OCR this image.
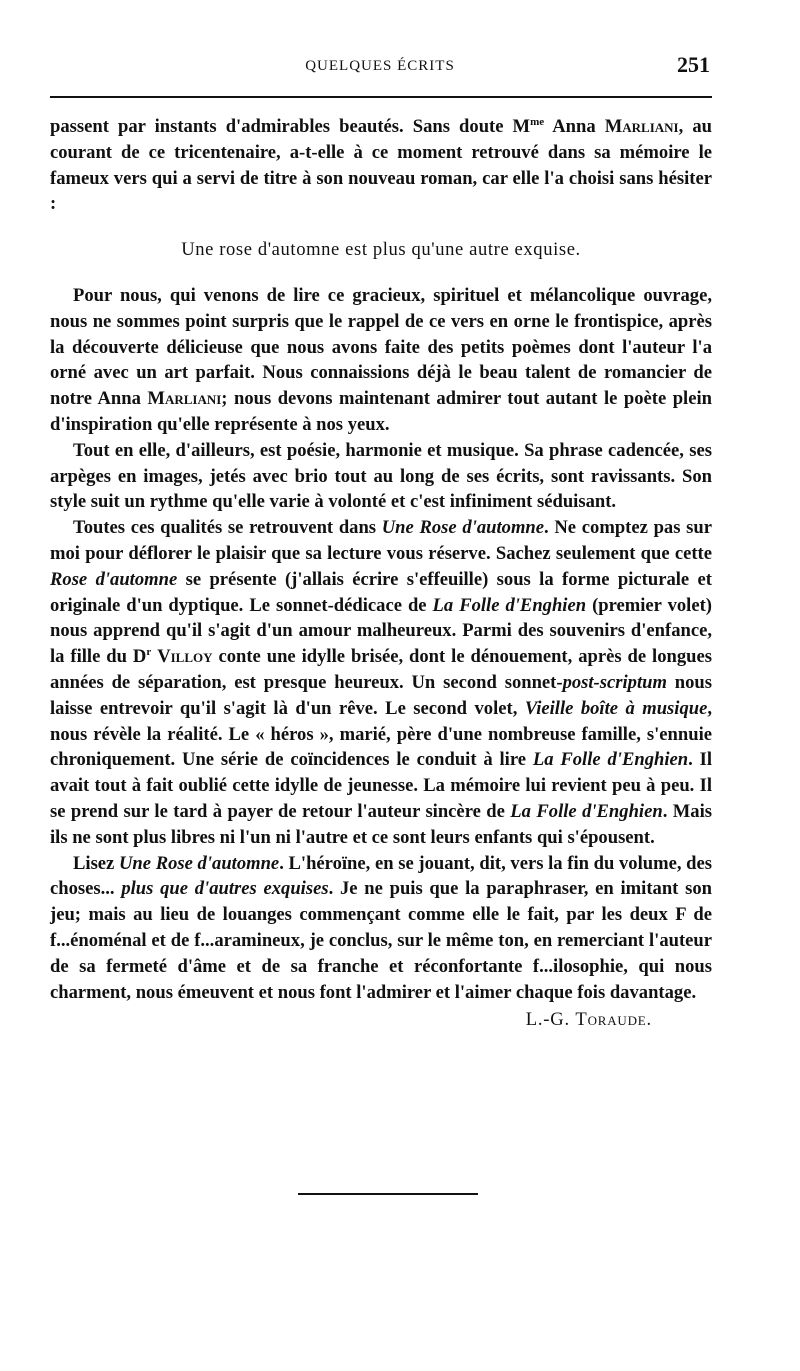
QUELQUES ÉCRITS	251

passent par instants d'admirables beautés. Sans doute $M^{me}$ Anna Marliani, au courant de ce tricentenaire, a-t-elle à ce moment retrouvé dans sa mémoire le fameux vers qui a servi de titre à son nouveau roman, car elle l'a choisi sans hésiter :

Une rose d'automne est plus qu'une autre exquise.

Pour nous, qui venons de lire ce gracieux, spirituel et mélancolique ouvrage, nous ne sommes point surpris que le rappel de ce vers en orne le frontispice, après la découverte délicieuse que nous avons faite des petits poèmes dont l'auteur l'a orné avec un art parfait. Nous connaissions déjà le beau talent de romancier de notre Anna Marliani; nous devons maintenant admirer tout autant le poète plein d'inspiration qu'elle représente à nos yeux.

Tout en elle, d'ailleurs, est poésie, harmonie et musique. Sa phrase cadencée, ses arpèges en images, jetés avec brio tout au long de ses écrits, sont ravissants. Son style suit un rythme qu'elle varie à volonté et c'est infiniment séduisant.

Toutes ces qualités se retrouvent dans Une Rose d'automne. Ne comptez pas sur moi pour déflorer le plaisir que sa lecture vous réserve. Sachez seulement que cette Rose d'automne se présente (j'allais écrire s'effeuille) sous la forme picturale et originale d'un dyptique. Le sonnet-dédicace de La Folle d'Enghien (premier volet) nous apprend qu'il s'agit d'un amour malheureux. Parmi des souvenirs d'enfance, la fille du $D^r$ Villoy conte une idylle brisée, dont le dénouement, après de longues années de séparation, est presque heureux. Un second sonnet-post-scriptum nous laisse entrevoir qu'il s'agit là d'un rêve. Le second volet, Vieille boîte à musique, nous révèle la réalité. Le « héros », marié, père d'une nombreuse famille, s'ennuie chroniquement. Une série de coïncidences le conduit à lire La Folle d'Enghien. Il avait tout à fait oublié cette idylle de jeunesse. La mémoire lui revient peu à peu. Il se prend sur le tard à payer de retour l'auteur sincère de La Folle d'Enghien. Mais ils ne sont plus libres ni l'un ni l'autre et ce sont leurs enfants qui s'épousent.

Lisez Une Rose d'automne. L'héroïne, en se jouant, dit, vers la fin du volume, des choses... plus que d'autres exquises. Je ne puis que la paraphraser, en imitant son jeu; mais au lieu de louanges commençant comme elle le fait, par les deux F de f...énoménal et de f...aramineux, je conclus, sur le même ton, en remerciant l'auteur de sa fermeté d'âme et de sa franche et réconfortante f...ilosophie, qui nous charment, nous émeuvent et nous font l'admirer et l'aimer chaque fois davantage.

L.-G. Toraude.
